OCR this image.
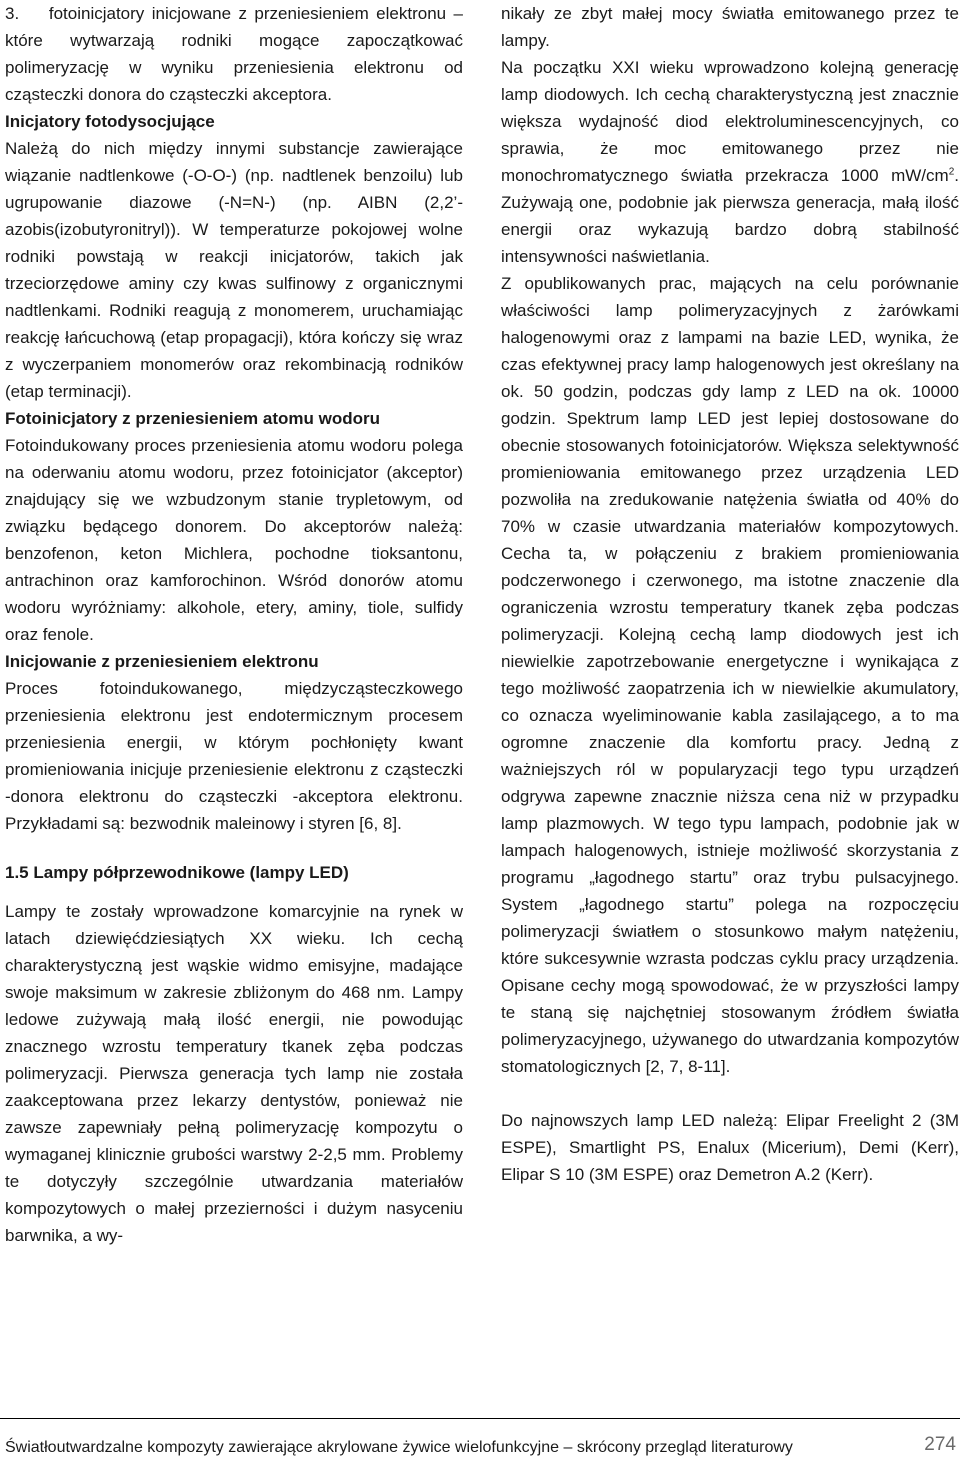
3.    fotoinicjatory inicjowane z przeniesieniem elektronu – które wytwarzają rodniki mogące zapoczątkować polimeryzację w wyniku przeniesienia elektronu od cząsteczki donora do cząsteczki akceptora.

Inicjatory fotodysocjujące

Należą do nich między innymi substancje zawierające wiązanie nadtlenkowe (-O-O-) (np. nadtlenek benzoilu) lub ugrupowanie diazowe (-N=N-) (np. AIBN (2,2’-azobis(izobutyronitryl)). W temperaturze pokojowej wolne rodniki powstają w reakcji inicjatorów, takich jak trzeciorzędowe aminy czy kwas sulfinowy z organicznymi nadtlenkami. Rodniki reagują z monomerem, uruchamiając reakcję łańcuchową (etap propagacji), która kończy się wraz z wyczerpaniem monomerów oraz rekombinacją rodników (etap terminacji).

Fotoinicjatory z przeniesieniem atomu wodoru

Fotoindukowany proces przeniesienia atomu wodoru polega na oderwaniu atomu wodoru, przez fotoinicjator (akceptor) znajdujący się we wzbudzonym stanie trypletowym, od związku będącego donorem. Do akceptorów należą: benzofenon, keton Michlera, pochodne tioksantonu, antrachinon oraz kamforochinon. Wśród donorów atomu wodoru wyróżniamy: alkohole, etery, aminy, tiole, sulfidy oraz fenole.

Inicjowanie z przeniesieniem elektronu

Proces fotoindukowanego, międzycząsteczkowego przeniesienia elektronu jest endotermicznym procesem przeniesienia energii, w którym pochłonięty kwant promieniowania inicjuje przeniesienie elektronu z cząsteczki -donora elektronu do cząsteczki -akceptora elektronu. Przykładami są: bezwodnik maleinowy i styren [6, 8].

1.5 Lampy półprzewodnikowe (lampy LED)

Lampy te zostały wprowadzone komarcyjnie na rynek w latach dziewięćdziesiątych XX wieku. Ich cechą charakterystyczną jest wąskie widmo emisyjne, madające swoje maksimum w zakresie zbliżonym do 468 nm. Lampy ledowe zużywają małą ilość energii, nie powodując znacznego wzrostu temperatury tkanek zęba podczas polimeryzacji. Pierwsza generacja tych lamp nie została zaakceptowana przez lekarzy dentystów, ponieważ nie zawsze zapewniały pełną polimeryzację kompozytu o wymaganej klinicznie grubości warstwy 2-2,5 mm. Problemy te dotyczyły szczególnie utwardzania materiałów kompozytowych o małej przezierności i dużym nasyceniu barwnika, a wy-

nikały ze zbyt małej mocy światła emitowanego przez te lampy.

Na początku XXI wieku wprowadzono kolejną generację lamp diodowych. Ich cechą charakterystyczną jest znacznie większa wydajność diod elektroluminescencyjnych, co sprawia, że moc emitowanego przez nie monochromatycznego światła przekracza 1000 $mW/cm^2$. Zużywają one, podobnie jak pierwsza generacja, małą ilość energii oraz wykazują bardzo dobrą stabilność intensywności naświetlania.

Z opublikowanych prac, mających na celu porównanie właściwości lamp polimeryzacyjnych z żarówkami halogenowymi oraz z lampami na bazie LED, wynika, że czas efektywnej pracy lamp halogenowych jest określany na ok. 50 godzin, podczas gdy lamp z LED na ok. 10000 godzin. Spektrum lamp LED jest lepiej dostosowane do obecnie stosowanych fotoinicjatorów. Większa selektywność promieniowania emitowanego przez urządzenia LED pozwoliła na zredukowanie natężenia światła od 40% do 70% w czasie utwardzania materiałów kompozytowych. Cecha ta, w połączeniu z brakiem promieniowania podczerwonego i czerwonego, ma istotne znaczenie dla ograniczenia wzrostu temperatury tkanek zęba podczas polimeryzacji. Kolejną cechą lamp diodowych jest ich niewielkie zapotrzebowanie energetyczne i wynikająca z tego możliwość zaopatrzenia ich w niewielkie akumulatory, co oznacza wyeliminowanie kabla zasilającego, a to ma ogromne znaczenie dla komfortu pracy. Jedną z ważniejszych ról w popularyzacji tego typu urządzeń odgrywa zapewne znacznie niższa cena niż w przypadku lamp plazmowych. W tego typu lampach, podobnie jak w lampach halogenowych, istnieje możliwość skorzystania z programu „łagodnego startu” oraz trybu pulsacyjnego. System „łagodnego startu” polega na rozpoczęciu polimeryzacji światłem o stosunkowo małym natężeniu, które sukcesywnie wzrasta podczas cyklu pracy urządzenia. Opisane cechy mogą spowodować, że w przyszłości lampy te staną się najchętniej stosowanym źródłem światła polimeryzacyjnego, używanego do utwardzania kompozytów stomatologicznych [2, 7, 8-11].

Do najnowszych lamp LED należą: Elipar Freelight 2 (3M ESPE), Smartlight PS, Enalux (Micerium), Demi (Kerr), Elipar S 10 (3M ESPE) oraz Demetron A.2 (Kerr).

Światłoutwardzalne kompozyty zawierające akrylowane żywice wielofunkcyjne – skrócony przegląd literaturowy	274
